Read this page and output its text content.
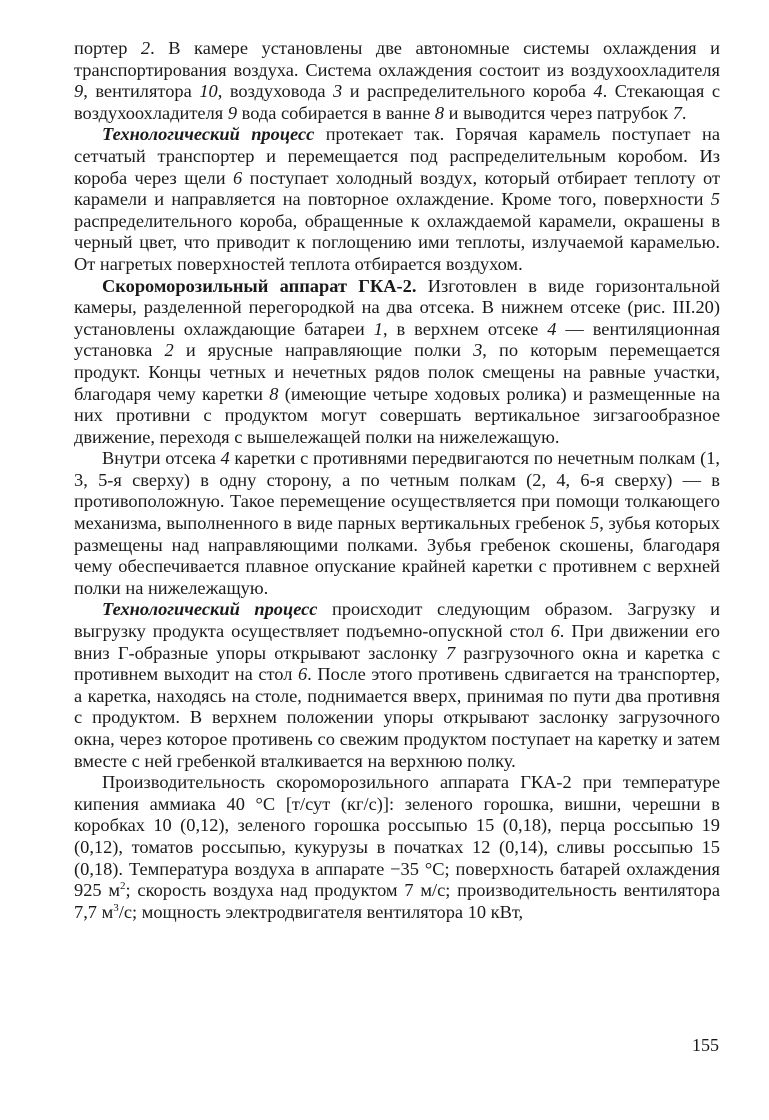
портер 2. В камере установлены две автономные системы охлаждения и транспортирования воздуха. Система охлаждения состоит из воздухоохладителя 9, вентилятора 10, воздуховода 3 и распределительного короба 4. Стекающая с воздухоохладителя 9 вода собирается в ванне 8 и выводится через патрубок 7.

Технологический процесс протекает так. Горячая карамель поступает на сетчатый транспортер и перемещается под распределительным коробом. Из короба через щели 6 поступает холодный воздух, который отбирает теплоту от карамели и направляется на повторное охлаждение. Кроме того, поверхности 5 распределительного короба, обращенные к охлаждаемой карамели, окрашены в черный цвет, что приводит к поглощению ими теплоты, излучаемой карамелью. От нагретых поверхностей теплота отбирается воздухом.

Скороморозильный аппарат ГКА-2. Изготовлен в виде горизонтальной камеры, разделенной перегородкой на два отсека. В нижнем отсеке (рис. III.20) установлены охлаждающие батареи 1, в верхнем отсеке 4 — вентиляционная установка 2 и ярусные направляющие полки 3, по которым перемещается продукт. Концы четных и нечетных рядов полок смещены на равные участки, благодаря чему каретки 8 (имеющие четыре ходовых ролика) и размещенные на них противни с продуктом могут совершать вертикальное зигзагообразное движение, переходя с вышележащей полки на нижележащую.

Внутри отсека 4 каретки с противнями передвигаются по нечетным полкам (1, 3, 5-я сверху) в одну сторону, а по четным полкам (2, 4, 6-я сверху) — в противоположную. Такое перемещение осуществляется при помощи толкающего механизма, выполненного в виде парных вертикальных гребенок 5, зубья которых размещены над направляющими полками. Зубья гребенок скошены, благодаря чему обеспечивается плавное опускание крайней каретки с противнем с верхней полки на нижележащую.

Технологический процесс происходит следующим образом. Загрузку и выгрузку продукта осуществляет подъемно-опускной стол 6. При движении его вниз Г-образные упоры открывают заслонку 7 разгрузочного окна и каретка с противнем выходит на стол 6. После этого противень сдвигается на транспортер, а каретка, находясь на столе, поднимается вверх, принимая по пути два противня с продуктом. В верхнем положении упоры открывают заслонку загрузочного окна, через которое противень со свежим продуктом поступает на каретку и затем вместе с ней гребенкой вталкивается на верхнюю полку.

Производительность скороморозильного аппарата ГКА-2 при температуре кипения аммиака 40 °С [т/сут (кг/с)]: зеленого горошка, вишни, черешни в коробках 10 (0,12), зеленого горошка россыпью 15 (0,18), перца россыпью 19 (0,12), томатов россыпью, кукурузы в початках 12 (0,14), сливы россыпью 15 (0,18). Температура воздуха в аппарате −35 °С; поверхность батарей охлаждения 925 $м^2$; скорость воздуха над продуктом 7 м/с; производительность вентилятора 7,7 $м^3/с$; мощность электродвигателя вентилятора 10 кВт,

155
